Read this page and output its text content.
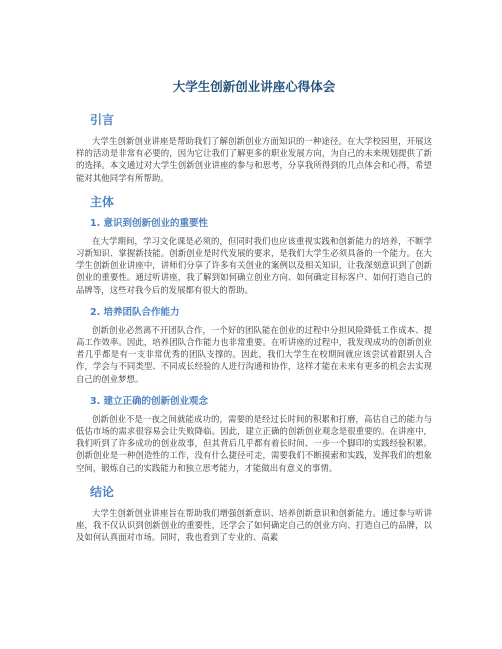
大学生创新创业讲座心得体会
引言

大学生创新创业讲座是帮助我们了解创新创业方面知识的一种途径。在大学校园里，开展这样的活动是非常有必要的，因为它让我们了解更多的职业发展方向，为自己的未来规划提供了新的选择。本文通过对大学生创新创业讲座的参与和思考，分享我所得到的几点体会和心得，希望能对其他同学有所帮助。

主体
1. 意识到创新创业的重要性

在大学期间，学习文化课是必须的，但同时我们也应该重视实践和创新能力的培养，不断学习新知识、掌握新技能。创新创业是时代发展的要求，是我们大学生必须具备的一个能力。在大学生创新创业讲座中，讲师们分享了许多有关创业的案例以及相关知识，让我深刻意识到了创新创业的重要性。通过听讲座，我了解到如何确立创业方向、如何确定目标客户、如何打造自己的品牌等，这些对我今后的发展都有很大的帮助。

2. 培养团队合作能力

创新创业必然离不开团队合作，一个好的团队能在创业的过程中分担风险降低工作成本、提高工作效率。因此，培养团队合作能力也非常重要。在听讲座的过程中，我发现成功的创新创业者几乎都是有一支非常优秀的团队支撑的。因此，我们大学生在校期间就应该尝试着跟别人合作，学会与不同类型、不同成长经验的人进行沟通和协作，这样才能在未来有更多的机会去实现自己的创业梦想。

3. 建立正确的创新创业观念

创新创业不是一夜之间就能成功的，需要的是经过长时间的积累和打磨，高估自己的能力与低估市场的需求很容易会让失败降临。因此，建立正确的创新创业观念是很重要的。在讲座中，我们听到了许多成功的创业故事，但其背后几乎都有着长时间、一步一个脚印的实践经验积累。创新创业是一种创造性的工作，没有什么捷径可走，需要我们不断摸索和实践，发挥我们的想象空间，锻炼自己的实践能力和独立思考能力，才能做出有意义的事情。

结论

大学生创新创业讲座旨在帮助我们增强创新意识、培养创新意识和创新能力。通过参与听讲座，我不仅认识到创新创业的重要性，还学会了如何确定自己的创业方向、打造自己的品牌，以及如何认真面对市场。同时，我也看到了专业的、高素
